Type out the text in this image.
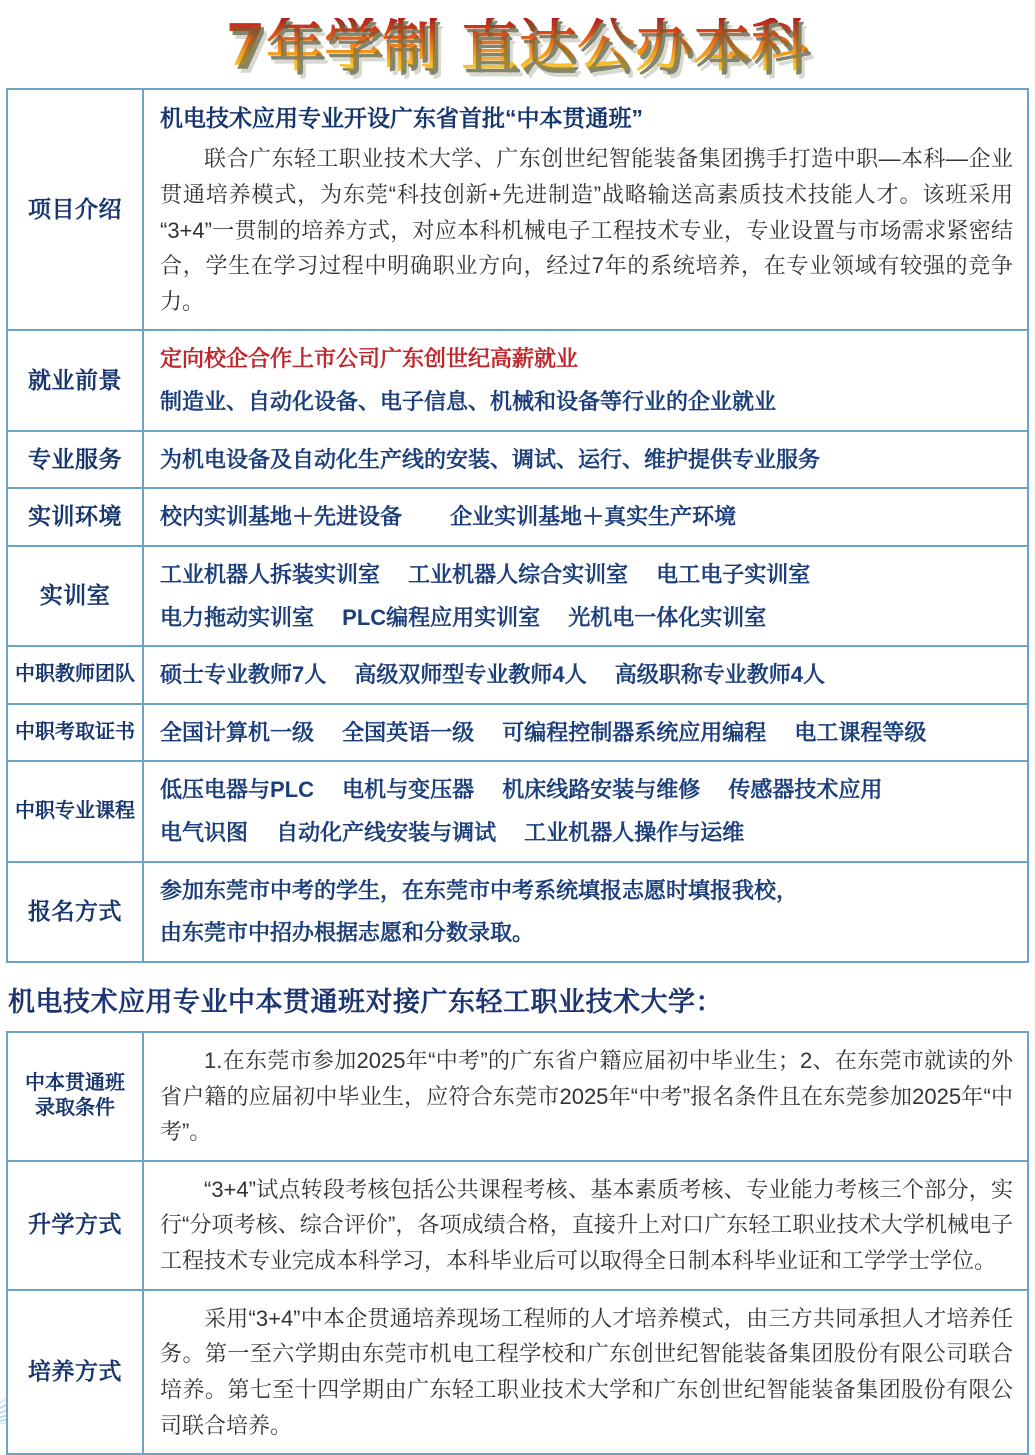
7年学制 直达公办本科
项目介绍	机电技术应用专业开设广东省首批“中本贯通班”

联合广东轻工职业技术大学、广东创世纪智能装备集团携手打造中职—本科—企业贯通培养模式，为东莞“科技创新+先进制造”战略输送高素质技术技能人才。该班采用“3+4”一贯制的培养方式，对应本科机械电子工程技术专业，专业设置与市场需求紧密结合，学生在学习过程中明确职业方向，经过7年的系统培养，在专业领域有较强的竞争力。

就业前景	定向校企合作上市公司广东创世纪高薪就业

制造业、自动化设备、电子信息、机械和设备等行业的企业就业

专业服务	为机电设备及自动化生产线的安装、调试、运行、维护提供专业服务

实训环境	校内实训基地＋先进设备 企业实训基地＋真实生产环境

实训室	工业机器人拆装实训室 工业机器人综合实训室 电工电子实训室

电力拖动实训室 PLC编程应用实训室 光机电一体化实训室

中职教师团队	硕士专业教师7人 高级双师型专业教师4人 高级职称专业教师4人

中职考取证书	全国计算机一级 全国英语一级 可编程控制器系统应用编程 电工课程等级

中职专业课程	低压电器与PLC 电机与变压器 机床线路安装与维修 传感器技术应用

电气识图 自动化产线安装与调试 工业机器人操作与运维

报名方式	参加东莞市中考的学生，在东莞市中考系统填报志愿时填报我校，

由东莞市中招办根据志愿和分数录取。

机电技术应用专业中本贯通班对接广东轻工职业技术大学：
中本贯通班
录取条件	1.在东莞市参加2025年“中考”的广东省户籍应届初中毕业生；2、在东莞市就读的外省户籍的应届初中毕业生，应符合东莞市2025年“中考”报名条件且在东莞参加2025年“中考”。

升学方式	“3+4”试点转段考核包括公共课程考核、基本素质考核、专业能力考核三个部分，实行“分项考核、综合评价”，各项成绩合格，直接升上对口广东轻工职业技术大学机械电子工程技术专业完成本科学习，本科毕业后可以取得全日制本科毕业证和工学学士学位。

培养方式	采用“3+4”中本企贯通培养现场工程师的人才培养模式，由三方共同承担人才培养任务。第一至六学期由东莞市机电工程学校和广东创世纪智能装备集团股份有限公司联合培养。第七至十四学期由广东轻工职业技术大学和广东创世纪智能装备集团股份有限公司联合培养。
